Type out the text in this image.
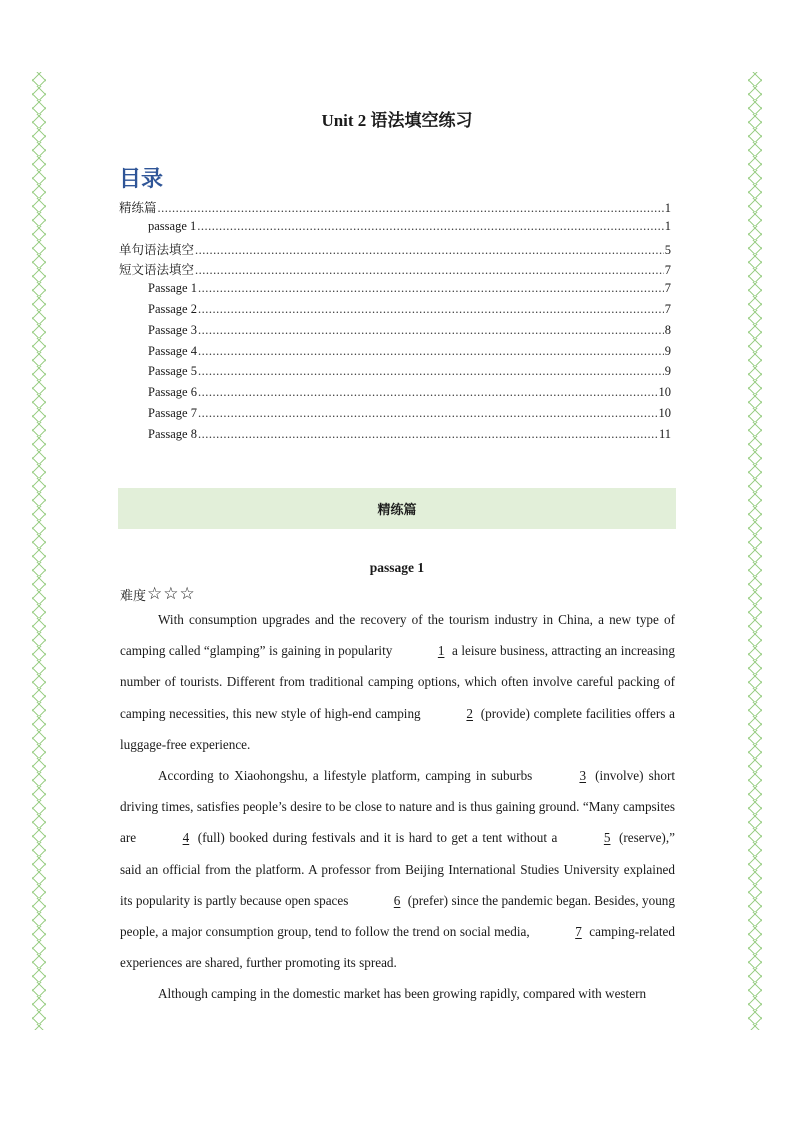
Unit 2 语法填空练习
目录
精练篇 .....	1
passage 1 .....	1
单句语法填空 .....	5
短文语法填空 .....	7
Passage 1 .....	7
Passage 2 .....	7
Passage 3 .....	8
Passage 4 .....	9
Passage 5 .....	9
Passage 6 .....	10
Passage 7 .....	10
Passage 8 .....	11
精练篇
passage 1
难度 ☆ ☆ ☆

With consumption upgrades and the recovery of the tourism industry in China, a new type of camping called “glamping” is gaining in popularity	1 a leisure business, attracting an increasing number of tourists. Different from traditional camping options, which often involve careful packing of camping necessities, this new style of high-end camping	2 (provide) complete facilities offers a luggage-free experience.

According to Xiaohongshu, a lifestyle platform, camping in suburbs	3 (involve) short driving times, satisfies people’s desire to be close to nature and is thus gaining ground. “Many campsites are	4 (full) booked during festivals and it is hard to get a tent without a	5 (reserve),” said an official from the platform. A professor from Beijing International Studies University explained its popularity is partly because open spaces	6 (prefer) since the pandemic began. Besides, young people, a major consumption group, tend to follow the trend on social media,	7 camping-related experiences are shared, further promoting its spread.

Although camping in the domestic market has been growing rapidly, compared with western
